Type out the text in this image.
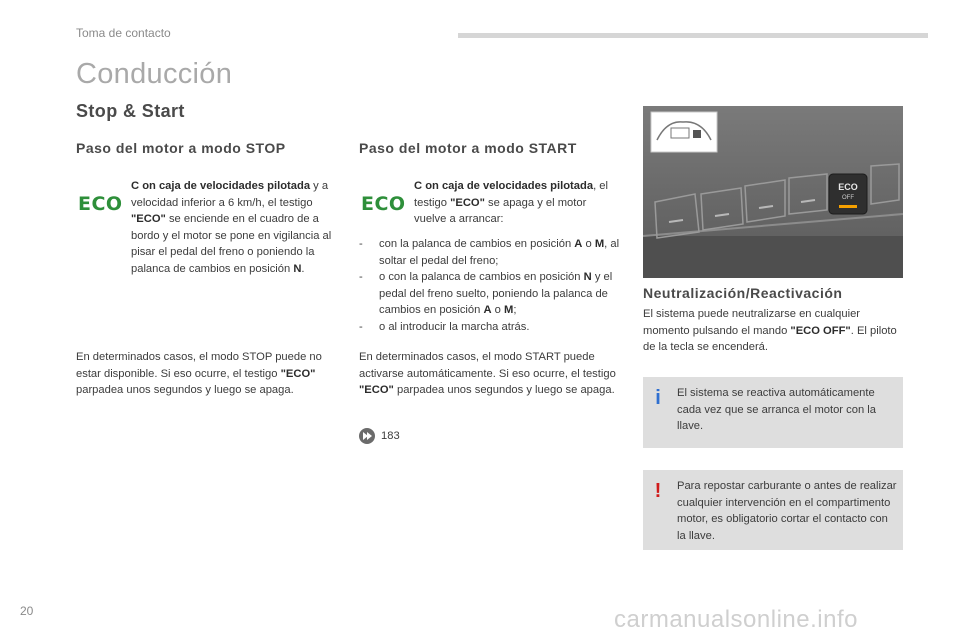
Toma de contacto
Conducción
Stop & Start
Paso del motor a modo STOP
ECO
C on caja de velocidades pilotada y a velocidad inferior a 6 km/h, el testigo "ECO" se enciende en el cuadro de a bordo y el motor se pone en vigilancia al pisar el pedal del freno o poniendo la palanca de cambios en posición N.
En determinados casos, el modo STOP puede no estar disponible. Si eso ocurre, el testigo "ECO" parpadea unos segundos y luego se apaga.
Paso del motor a modo START
ECO
C on caja de velocidades pilotada, el testigo "ECO" se apaga y el motor vuelve a arrancar:
- con la palanca de cambios en posición A o M, al soltar el pedal del freno;
- o con la palanca de cambios en posición N y el pedal del freno suelto, poniendo la palanca de cambios en posición A o M;
- o al introducir la marcha atrás.
En determinados casos, el modo START puede activarse automáticamente. Si eso ocurre, el testigo "ECO" parpadea unos segundos y luego se apaga.
183
ECO
OFF
Neutralización/Reactivación
El sistema puede neutralizarse en cualquier momento pulsando el mando "ECO OFF". El piloto de la tecla se encenderá.
i El sistema se reactiva automáticamente cada vez que se arranca el motor con la llave.
! Para repostar carburante o antes de realizar cualquier intervención en el compartimento motor, es obligatorio cortar el contacto con la llave.
20	carmanualsonline.info
